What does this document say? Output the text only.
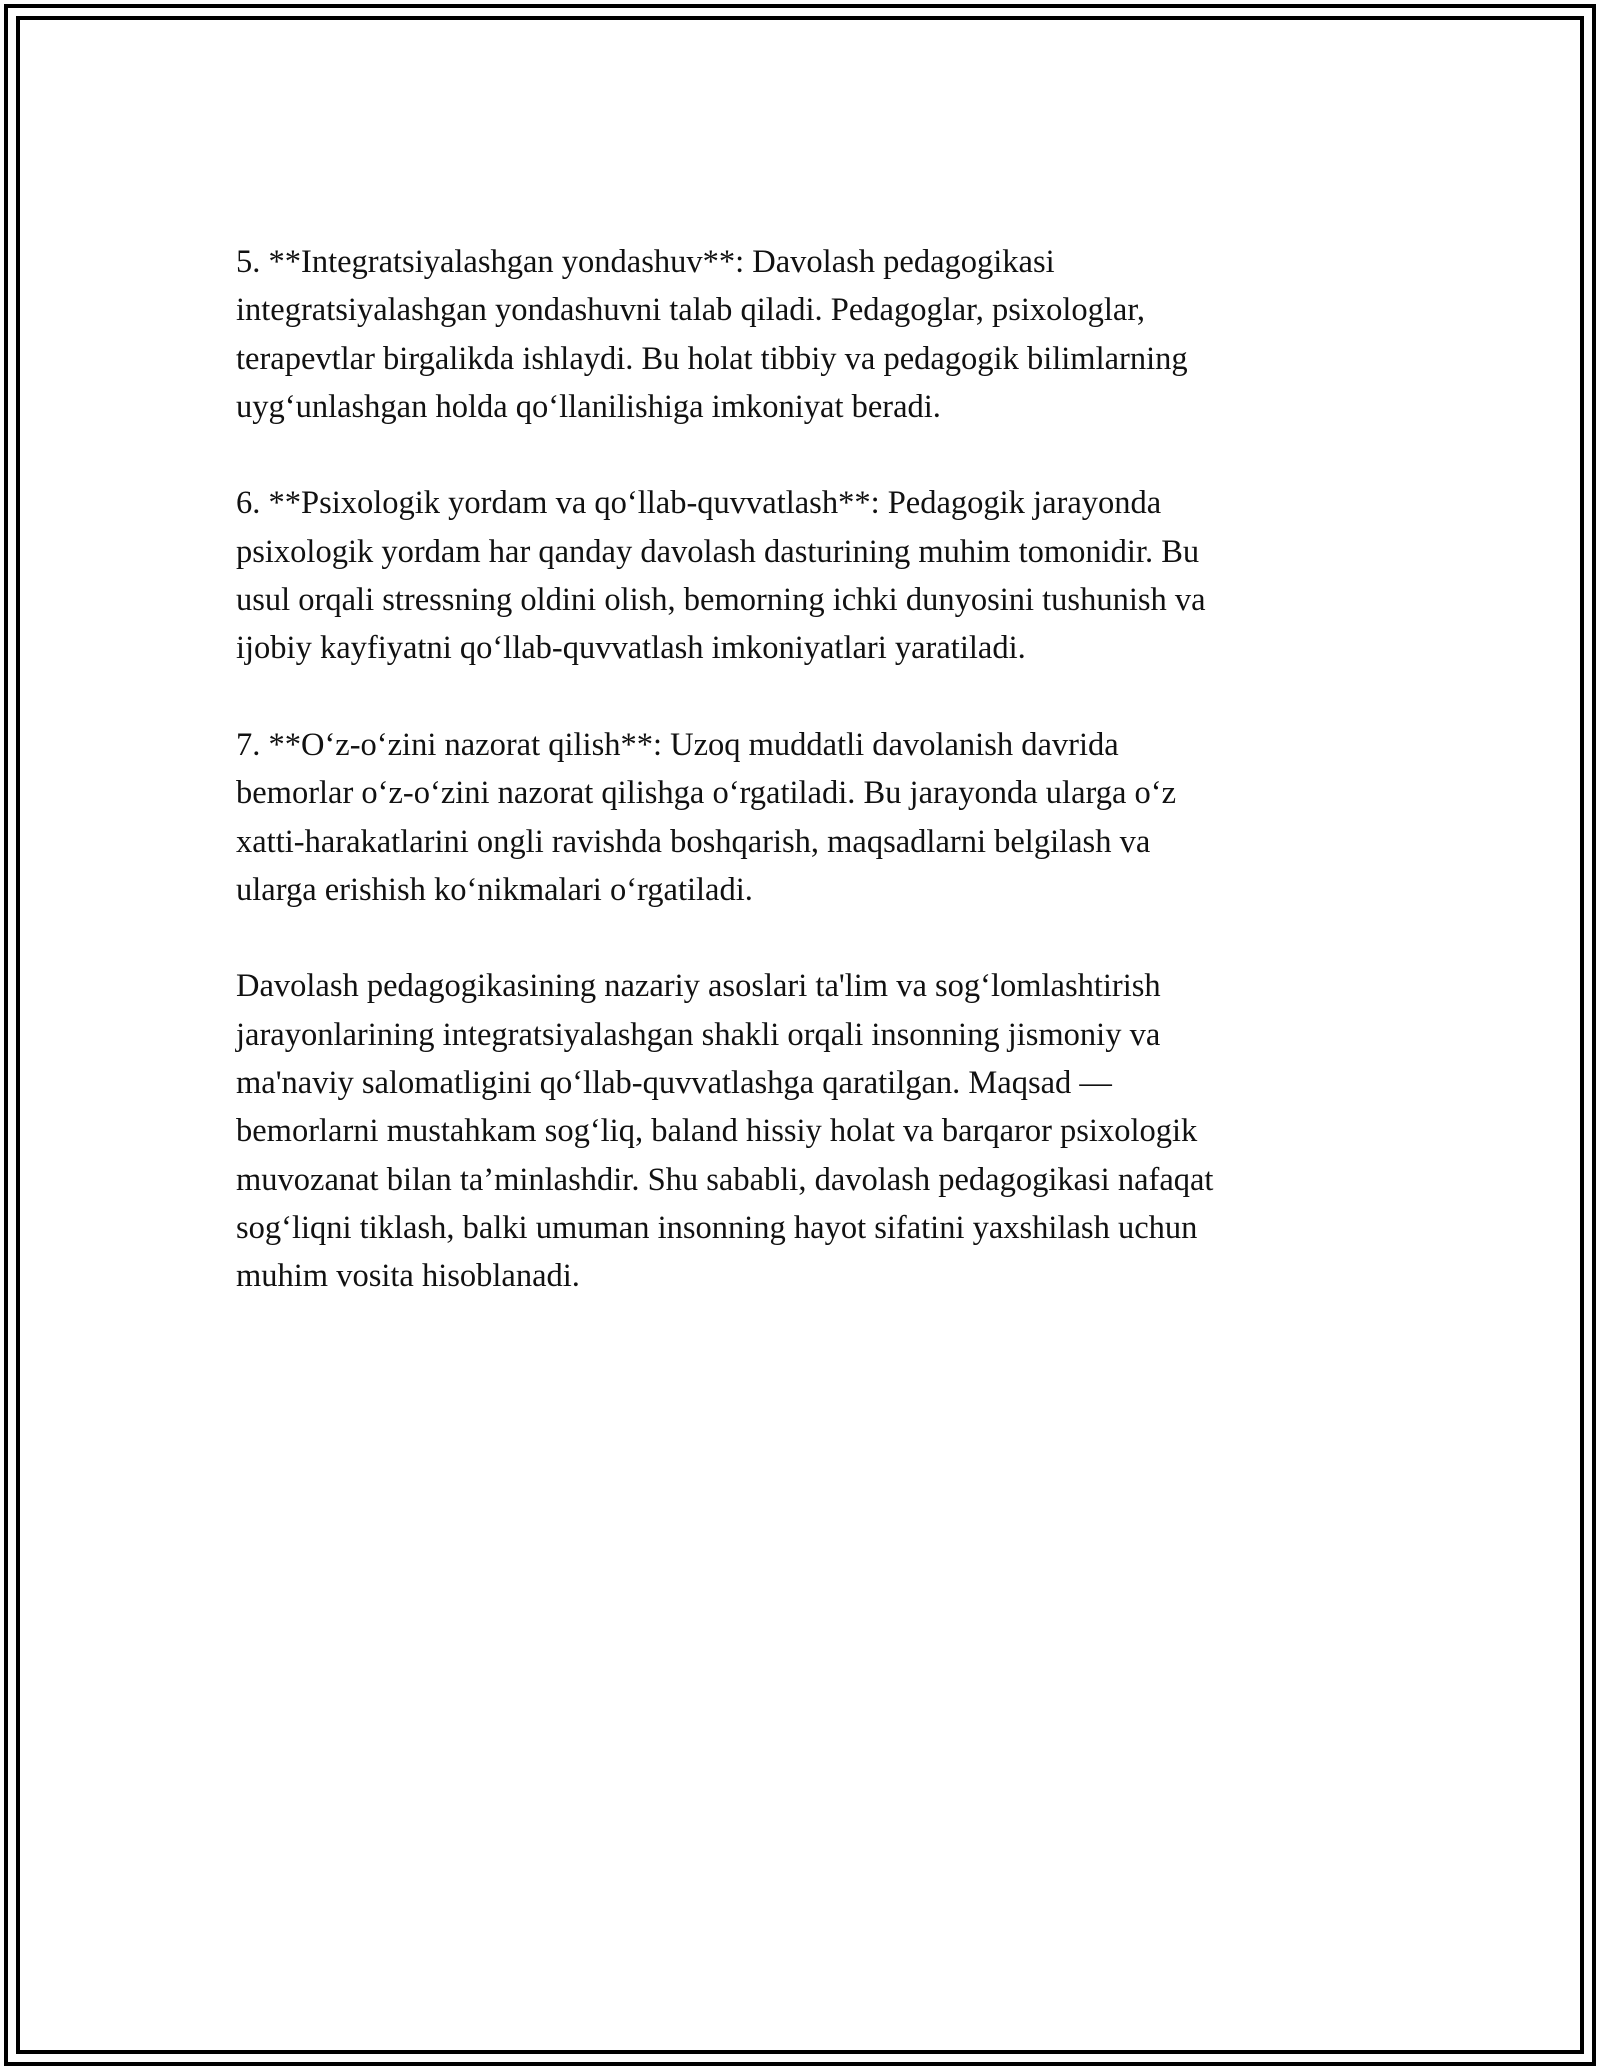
5. **Integratsiyalashgan yondashuv**: Davolash pedagogikasi
integratsiyalashgan yondashuvni talab qiladi. Pedagoglar, psixologlar,
terapevtlar birgalikda ishlaydi. Bu holat tibbiy va pedagogik bilimlarning
uyg‘unlashgan holda qo‘llanilishiga imkoniyat beradi.

6. **Psixologik yordam va qo‘llab-quvvatlash**: Pedagogik jarayonda
psixologik yordam har qanday davolash dasturining muhim tomonidir. Bu
usul orqali stressning oldini olish, bemorning ichki dunyosini tushunish va
ijobiy kayfiyatni qo‘llab-quvvatlash imkoniyatlari yaratiladi.

7. **O‘z-o‘zini nazorat qilish**: Uzoq muddatli davolanish davrida
bemorlar o‘z-o‘zini nazorat qilishga o‘rgatiladi. Bu jarayonda ularga o‘z
xatti-harakatlarini ongli ravishda boshqarish, maqsadlarni belgilash va
ularga erishish ko‘nikmalari o‘rgatiladi.

Davolash pedagogikasining nazariy asoslari ta'lim va sog‘lomlashtirish
jarayonlarining integratsiyalashgan shakli orqali insonning jismoniy va
ma'naviy salomatligini qo‘llab-quvvatlashga qaratilgan. Maqsad —
bemorlarni mustahkam sog‘liq, baland hissiy holat va barqaror psixologik
muvozanat bilan ta’minlashdir. Shu sababli, davolash pedagogikasi nafaqat
sog‘liqni tiklash, balki umuman insonning hayot sifatini yaxshilash uchun
muhim vosita hisoblanadi.
